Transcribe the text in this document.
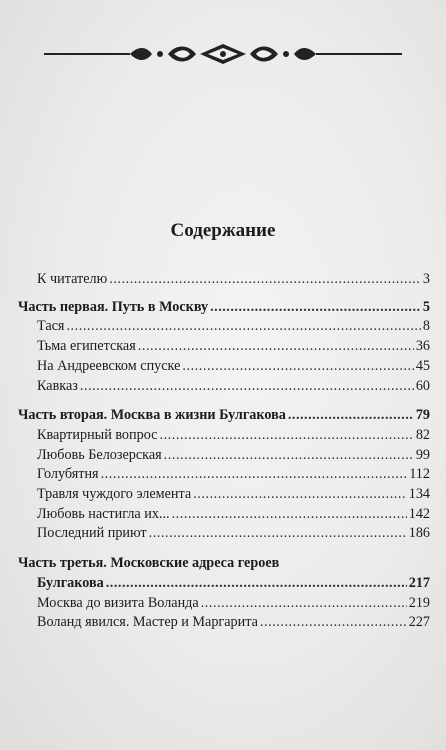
Содержание
К читателю . . .	3
Часть первая. Путь в Москву .....	5
Тася . . .	8
Тьма египетская . . .	36
На Андреевском спуске . . .	45
Кавказ . . .	60
Часть вторая. Москва в жизни Булгакова .....	79
Квартирный вопрос . . .	82
Любовь Белозерская . . .	99
Голубятня . . .	112
Травля чуждого элемента . . .	134
Любовь настигла их... . . .	142
Последний приют . . .	186
Часть третья. Московские адреса героев
Булгакова .....	217
Москва до визита Воланда . . .	219
Воланд явился. Мастер и Маргарита . . .	227
